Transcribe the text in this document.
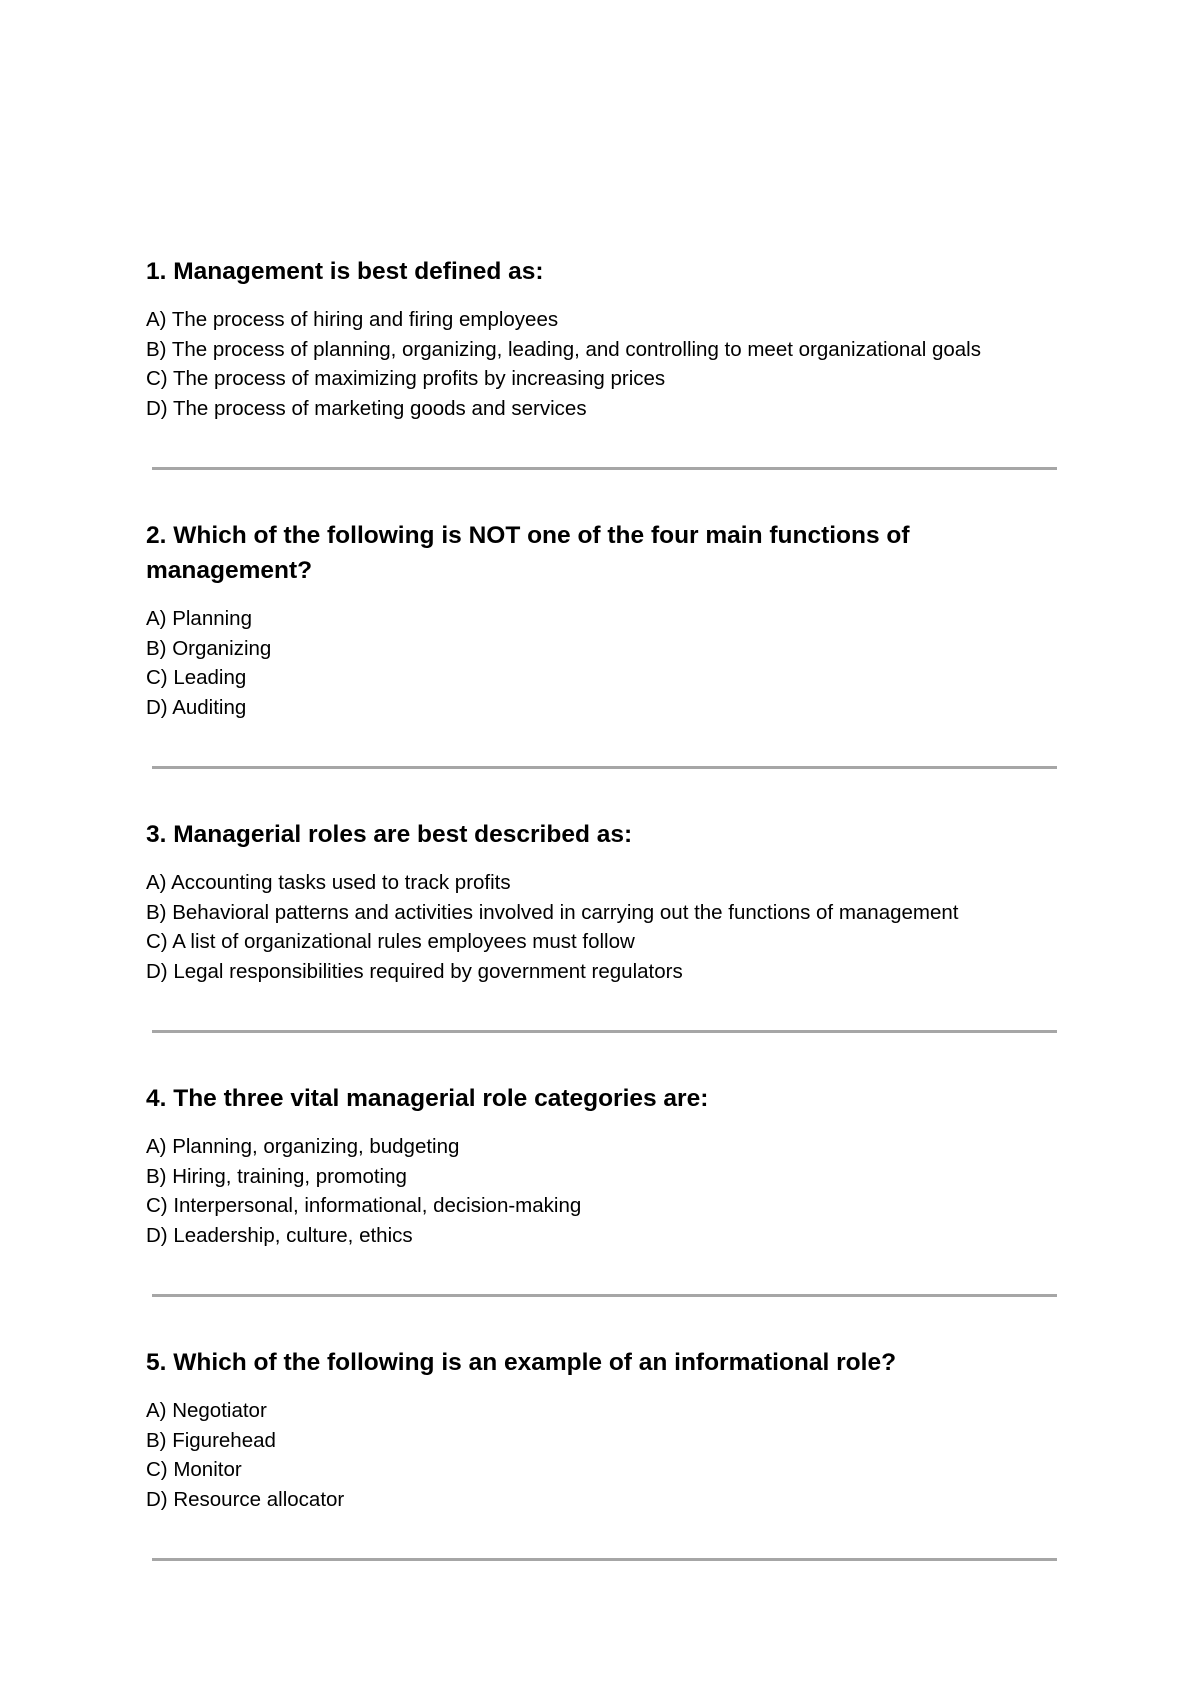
1. Management is best defined as:
A) The process of hiring and firing employees
B) The process of planning, organizing, leading, and controlling to meet organizational goals
C) The process of maximizing profits by increasing prices
D) The process of marketing goods and services
2. Which of the following is NOT one of the four main functions of management?
A) Planning
B) Organizing
C) Leading
D) Auditing
3. Managerial roles are best described as:
A) Accounting tasks used to track profits
B) Behavioral patterns and activities involved in carrying out the functions of management
C) A list of organizational rules employees must follow
D) Legal responsibilities required by government regulators
4. The three vital managerial role categories are:
A) Planning, organizing, budgeting
B) Hiring, training, promoting
C) Interpersonal, informational, decision-making
D) Leadership, culture, ethics
5. Which of the following is an example of an informational role?
A) Negotiator
B) Figurehead
C) Monitor
D) Resource allocator
